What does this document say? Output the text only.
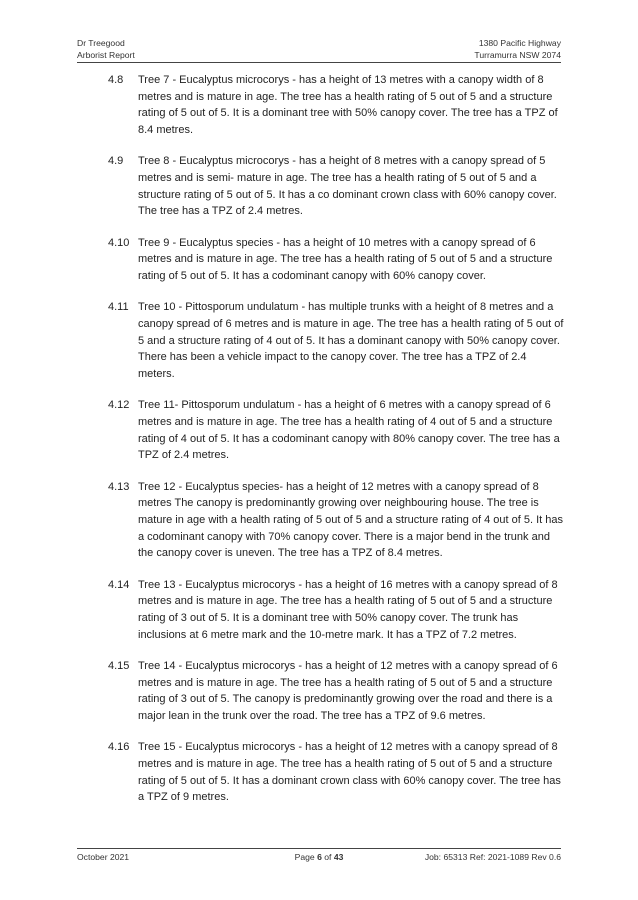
Dr Treegood
Arborist Report
1380 Pacific Highway
Turramurra NSW 2074
4.8 Tree 7 - Eucalyptus microcorys - has a height of 13 metres with a canopy width of 8 metres and is mature in age. The tree has a health rating of 5 out of 5 and a structure rating of 5 out of 5. It is a dominant tree with 50% canopy cover. The tree has a TPZ of 8.4 metres.
4.9 Tree 8 - Eucalyptus microcorys - has a height of 8 metres with a canopy spread of 5 metres and is semi- mature in age. The tree has a health rating of 5 out of 5 and a structure rating of 5 out of 5. It has a co dominant crown class with 60% canopy cover. The tree has a TPZ of 2.4 metres.
4.10 Tree 9 - Eucalyptus species - has a height of 10 metres with a canopy spread of 6 metres and is mature in age. The tree has a health rating of 5 out of 5 and a structure rating of 5 out of 5. It has a codominant canopy with 60% canopy cover.
4.11 Tree 10 - Pittosporum undulatum - has multiple trunks with a height of 8 metres and a canopy spread of 6 metres and is mature in age. The tree has a health rating of 5 out of 5 and a structure rating of 4 out of 5. It has a dominant canopy with 50% canopy cover. There has been a vehicle impact to the canopy cover. The tree has a TPZ of 2.4 meters.
4.12 Tree 11- Pittosporum undulatum - has a height of 6 metres with a canopy spread of 6 metres and is mature in age. The tree has a health rating of 4 out of 5 and a structure rating of 4 out of 5. It has a codominant canopy with 80% canopy cover. The tree has a TPZ of 2.4 metres.
4.13 Tree 12 - Eucalyptus species- has a height of 12 metres with a canopy spread of 8 metres The canopy is predominantly growing over neighbouring house. The tree is mature in age with a health rating of 5 out of 5 and a structure rating of 4 out of 5. It has a codominant canopy with 70% canopy cover. There is a major bend in the trunk and the canopy cover is uneven. The tree has a TPZ of 8.4 metres.
4.14 Tree 13 - Eucalyptus microcorys - has a height of 16 metres with a canopy spread of 8 metres and is mature in age. The tree has a health rating of 5 out of 5 and a structure rating of 3 out of 5. It is a dominant tree with 50% canopy cover. The trunk has inclusions at 6 metre mark and the 10-metre mark. It has a TPZ of 7.2 metres.
4.15 Tree 14 - Eucalyptus microcorys - has a height of 12 metres with a canopy spread of 6 metres and is mature in age. The tree has a health rating of 5 out of 5 and a structure rating of 3 out of 5. The canopy is predominantly growing over the road and there is a major lean in the trunk over the road. The tree has a TPZ of 9.6 metres.
4.16 Tree 15 - Eucalyptus microcorys - has a height of 12 metres with a canopy spread of 8 metres and is mature in age. The tree has a health rating of 5 out of 5 and a structure rating of 5 out of 5. It has a dominant crown class with 60% canopy cover. The tree has a TPZ of 9 metres.
October 2021	Page 6 of 43	Job: 65313 Ref: 2021-1089 Rev 0.6
